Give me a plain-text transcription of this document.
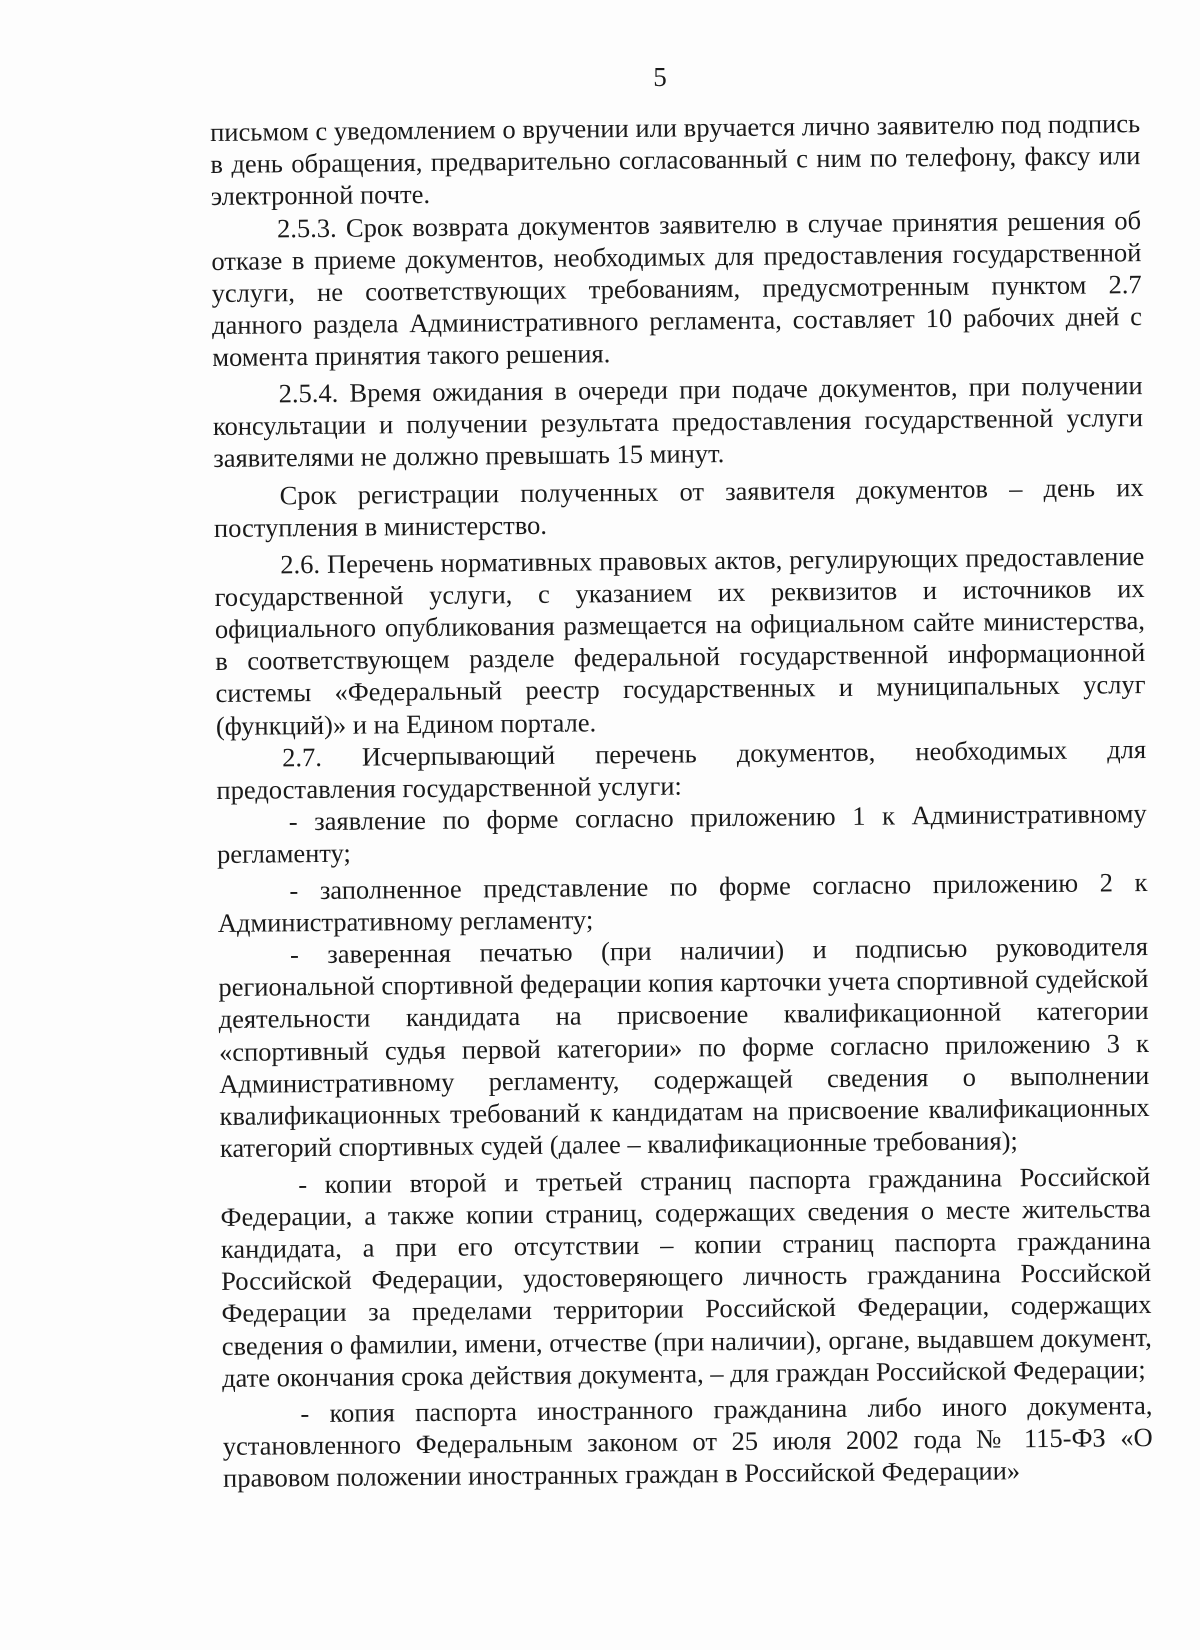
5

письмом с уведомлением о вручении или вручается лично заявителю под подпись в день обращения, предварительно согласованный с ним по телефону, факсу или электронной почте.

2.5.3. Срок возврата документов заявителю в случае принятия решения об отказе в приеме документов, необходимых для предоставления государственной услуги, не соответствующих требованиям, предусмотренным пунктом 2.7 данного раздела Административного регламента, составляет 10 рабочих дней с момента принятия такого решения.

2.5.4. Время ожидания в очереди при подаче документов, при получении консультации и получении результата предоставления государственной услуги заявителями не должно превышать 15 минут.

Срок регистрации полученных от заявителя документов – день их поступления в министерство.

2.6. Перечень нормативных правовых актов, регулирующих предоставление государственной услуги, с указанием их реквизитов и источников их официального опубликования размещается на официальном сайте министерства, в соответствующем разделе федеральной государственной информационной системы «Федеральный реестр государственных и муниципальных услуг (функций)» и на Едином портале.

2.7. Исчерпывающий перечень документов, необходимых для предоставления государственной услуги:

- заявление по форме согласно приложению 1 к Административному регламенту;

- заполненное представление по форме согласно приложению 2 к Административному регламенту;

- заверенная печатью (при наличии) и подписью руководителя региональной спортивной федерации копия карточки учета спортивной судейской деятельности кандидата на присвоение квалификационной категории «спортивный судья первой категории» по форме согласно приложению 3 к Административному регламенту, содержащей сведения о выполнении квалификационных требований к кандидатам на присвоение квалификационных категорий спортивных судей (далее – квалификационные требования);

- копии второй и третьей страниц паспорта гражданина Российской Федерации, а также копии страниц, содержащих сведения о месте жительства кандидата, а при его отсутствии – копии страниц паспорта гражданина Российской Федерации, удостоверяющего личность гражданина Российской Федерации за пределами территории Российской Федерации, содержащих сведения о фамилии, имени, отчестве (при наличии), органе, выдавшем документ, дате окончания срока действия документа, – для граждан Российской Федерации;

- копия паспорта иностранного гражданина либо иного документа, установленного Федеральным законом от 25 июля 2002 года № 115-ФЗ «О правовом положении иностранных граждан в Российской Федерации»
